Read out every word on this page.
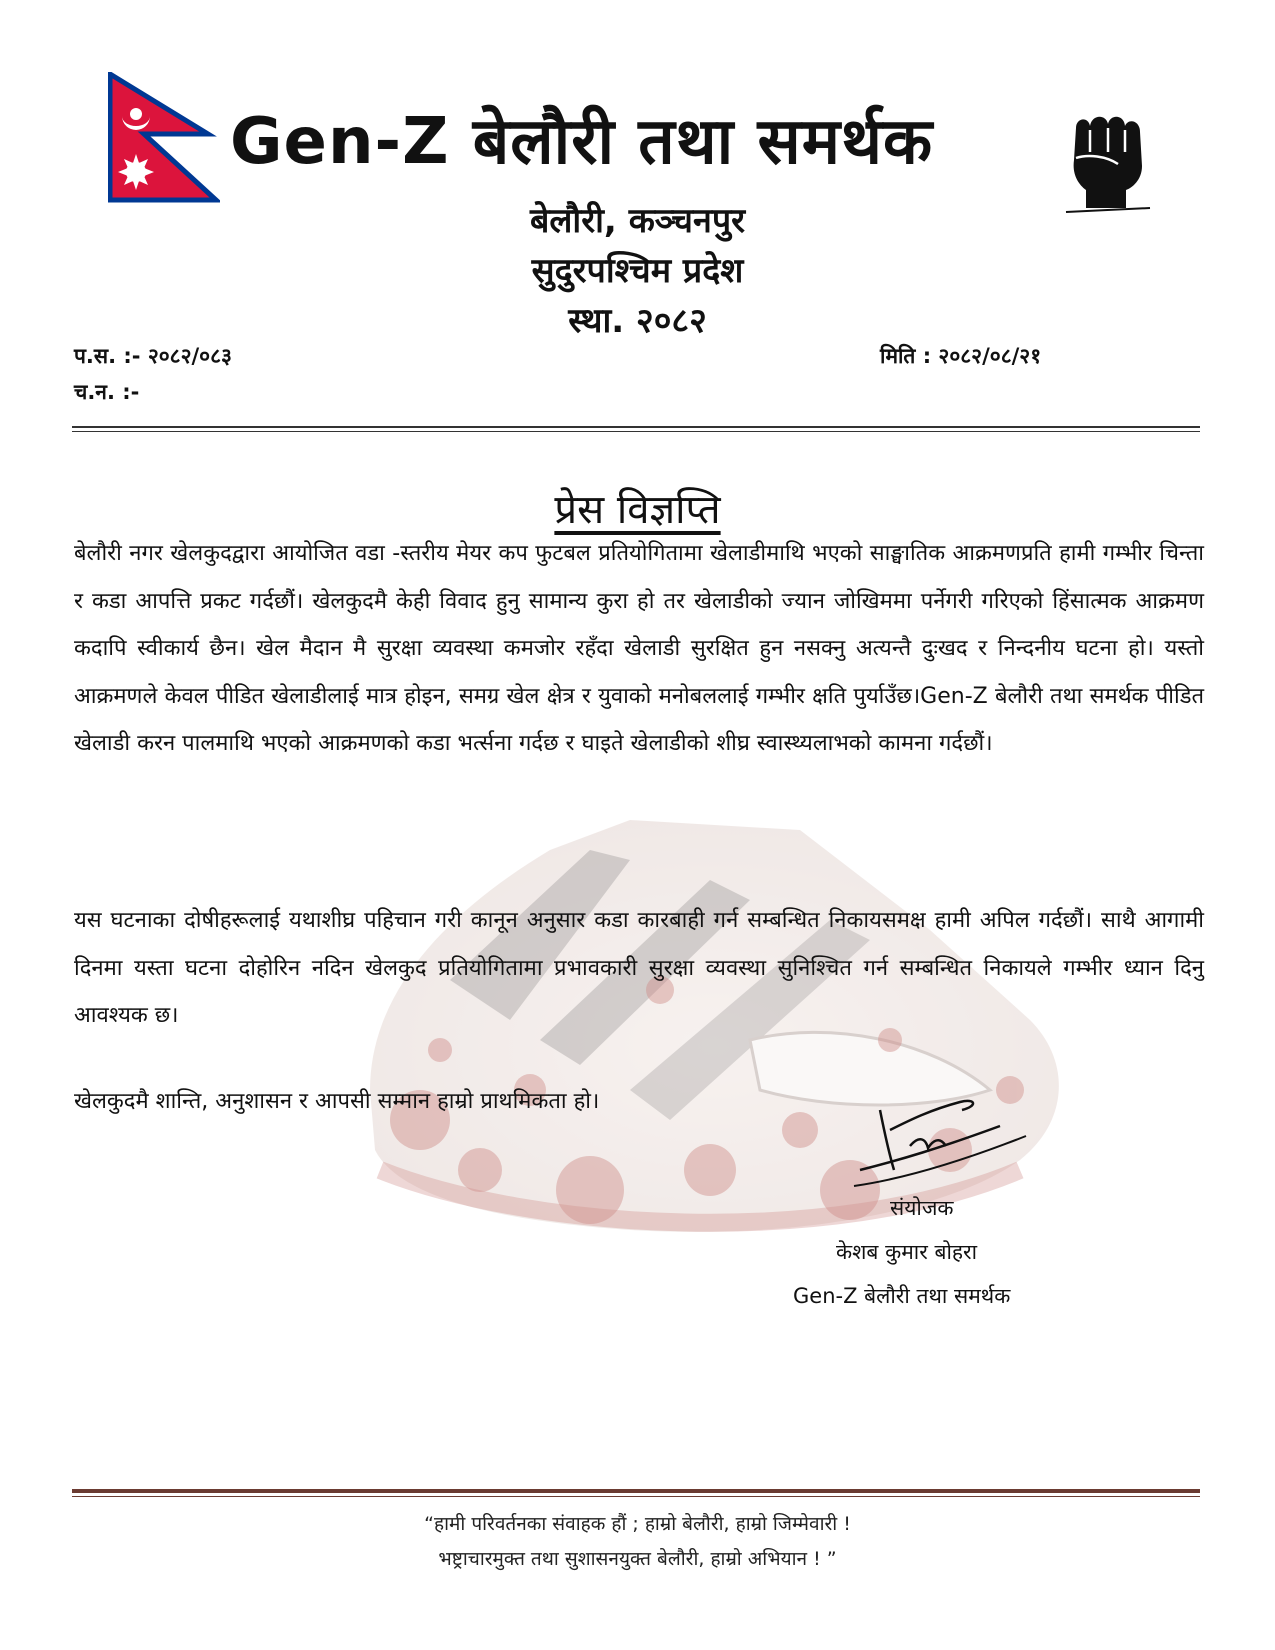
Gen-Z बेलौरी तथा समर्थक
बेलौरी, कञ्चनपुर
सुदुरपश्चिम प्रदेश
स्था. २०८२
प.स. :- २०८२/०८३
च.न. :-
मिति : २०८२/०८/२१
प्रेस विज्ञप्ति
बेलौरी नगर खेलकुदद्वारा आयोजित वडा -स्तरीय मेयर कप फुटबल प्रतियोगितामा खेलाडीमाथि भएको साङ्घातिक आक्रमणप्रति हामी गम्भीर चिन्ता र कडा आपत्ति प्रकट गर्दछौं। खेलकुदमै केही विवाद हुनु सामान्य कुरा हो तर खेलाडीको ज्यान जोखिममा पर्नेगरी गरिएको हिंसात्मक आक्रमण कदापि स्वीकार्य छैन। खेल मैदान मै सुरक्षा व्यवस्था कमजोर रहँदा खेलाडी सुरक्षित हुन नसक्नु अत्यन्तै दुःखद र निन्दनीय घटना हो। यस्तो आक्रमणले केवल पीडित खेलाडीलाई मात्र होइन, समग्र खेल क्षेत्र र युवाको मनोबललाई गम्भीर क्षति पुर्याउँछ।Gen-Z बेलौरी तथा समर्थक पीडित खेलाडी करन पालमाथि भएको आक्रमणको कडा भर्त्सना गर्दछ र घाइते खेलाडीको शीघ्र स्वास्थ्यलाभको कामना गर्दछौं।
यस घटनाका दोषीहरूलाई यथाशीघ्र पहिचान गरी कानून अनुसार कडा कारबाही गर्न सम्बन्धित निकायसमक्ष हामी अपिल गर्दछौं। साथै आगामी दिनमा यस्ता घटना दोहोरिन नदिन खेलकुद प्रतियोगितामा प्रभावकारी सुरक्षा व्यवस्था सुनिश्चित गर्न सम्बन्धित निकायले गम्भीर ध्यान दिनु आवश्यक छ।
खेलकुदमै शान्ति, अनुशासन र आपसी सम्मान हाम्रो प्राथमिकता हो।
संयोजक
केशब कुमार बोहरा
Gen-Z बेलौरी तथा समर्थक
“हामी परिवर्तनका संवाहक हौं ; हाम्रो बेलौरी, हाम्रो जिम्मेवारी !
भष्ट्राचारमुक्त तथा सुशासनयुक्त बेलौरी, हाम्रो अभियान ! ”
